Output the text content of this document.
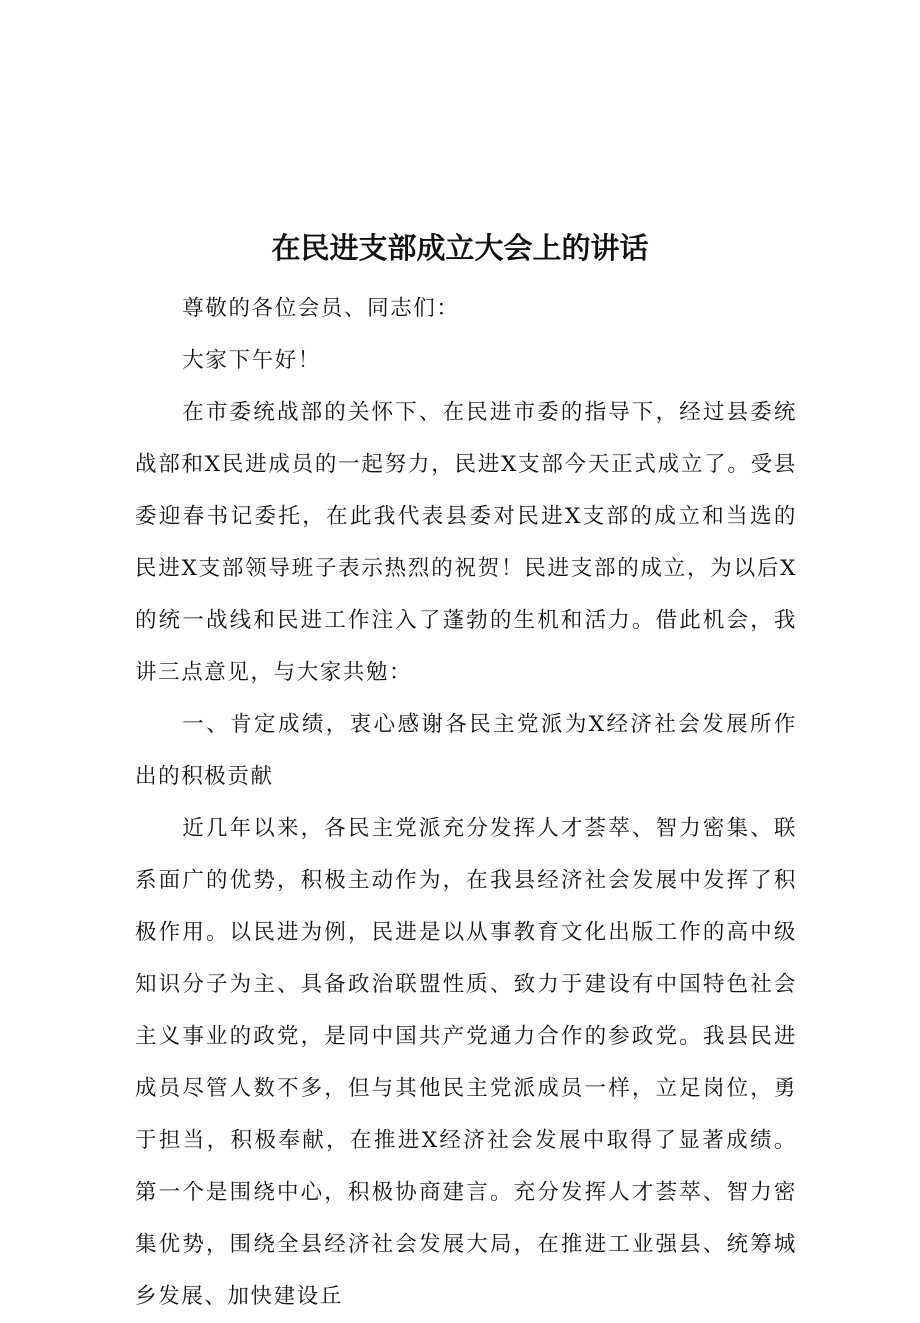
在民进支部成立大会上的讲话

尊敬的各位会员、同志们：

大家下午好！

在市委统战部的关怀下、在民进市委的指导下，经过县委统战部和X民进成员的一起努力，民进X支部今天正式成立了。受县委迎春书记委托，在此我代表县委对民进X支部的成立和当选的民进X支部领导班子表示热烈的祝贺！民进支部的成立，为以后X的统一战线和民进工作注入了蓬勃的生机和活力。借此机会，我讲三点意见，与大家共勉：

一、肯定成绩，衷心感谢各民主党派为X经济社会发展所作出的积极贡献

近几年以来，各民主党派充分发挥人才荟萃、智力密集、联系面广的优势，积极主动作为，在我县经济社会发展中发挥了积极作用。以民进为例，民进是以从事教育文化出版工作的高中级知识分子为主、具备政治联盟性质、致力于建设有中国特色社会主义事业的政党，是同中国共产党通力合作的参政党。我县民进成员尽管人数不多，但与其他民主党派成员一样，立足岗位，勇于担当，积极奉献，在推进X经济社会发展中取得了显著成绩。第一个是围绕中心，积极协商建言。充分发挥人才荟萃、智力密集优势，围绕全县经济社会发展大局，在推进工业强县、统筹城乡发展、加快建设丘
